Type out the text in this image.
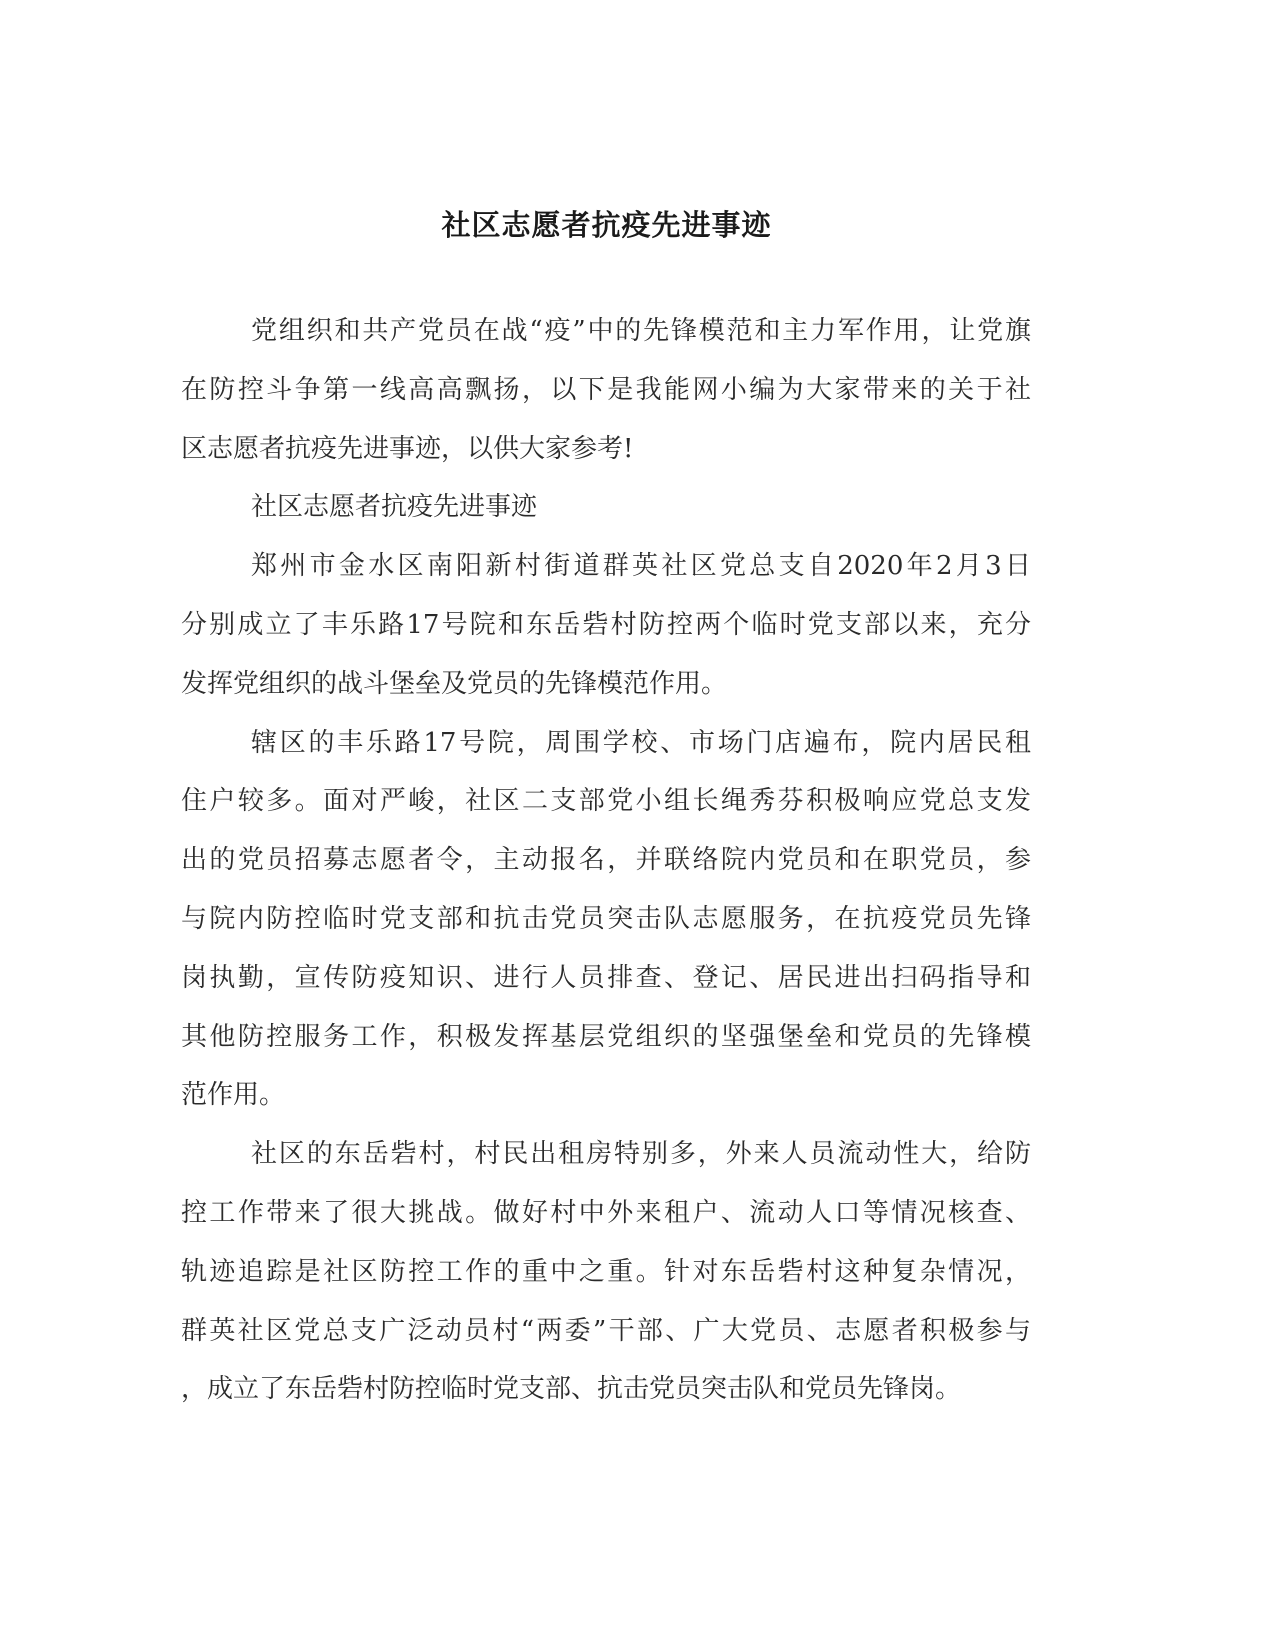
社区志愿者抗疫先进事迹
党组织和共产党员在战“疫”中的先锋模范和主力军作用，让党旗
在防控斗争第一线高高飘扬，以下是我能网小编为大家带来的关于社
区志愿者抗疫先进事迹，以供大家参考!
社区志愿者抗疫先进事迹
郑州市金水区南阳新村街道群英社区党总支自2020年2月3日
分别成立了丰乐路17号院和东岳砦村防控两个临时党支部以来，充分
发挥党组织的战斗堡垒及党员的先锋模范作用。
辖区的丰乐路17号院，周围学校、市场门店遍布，院内居民租
住户较多。面对严峻，社区二支部党小组长绳秀芬积极响应党总支发
出的党员招募志愿者令，主动报名，并联络院内党员和在职党员，参
与院内防控临时党支部和抗击党员突击队志愿服务，在抗疫党员先锋
岗执勤，宣传防疫知识、进行人员排查、登记、居民进出扫码指导和
其他防控服务工作，积极发挥基层党组织的坚强堡垒和党员的先锋模
范作用。
社区的东岳砦村，村民出租房特别多，外来人员流动性大，给防
控工作带来了很大挑战。做好村中外来租户、流动人口等情况核查、
轨迹追踪是社区防控工作的重中之重。针对东岳砦村这种复杂情况，
群英社区党总支广泛动员村“两委”干部、广大党员、志愿者积极参与
，成立了东岳砦村防控临时党支部、抗击党员突击队和党员先锋岗。
